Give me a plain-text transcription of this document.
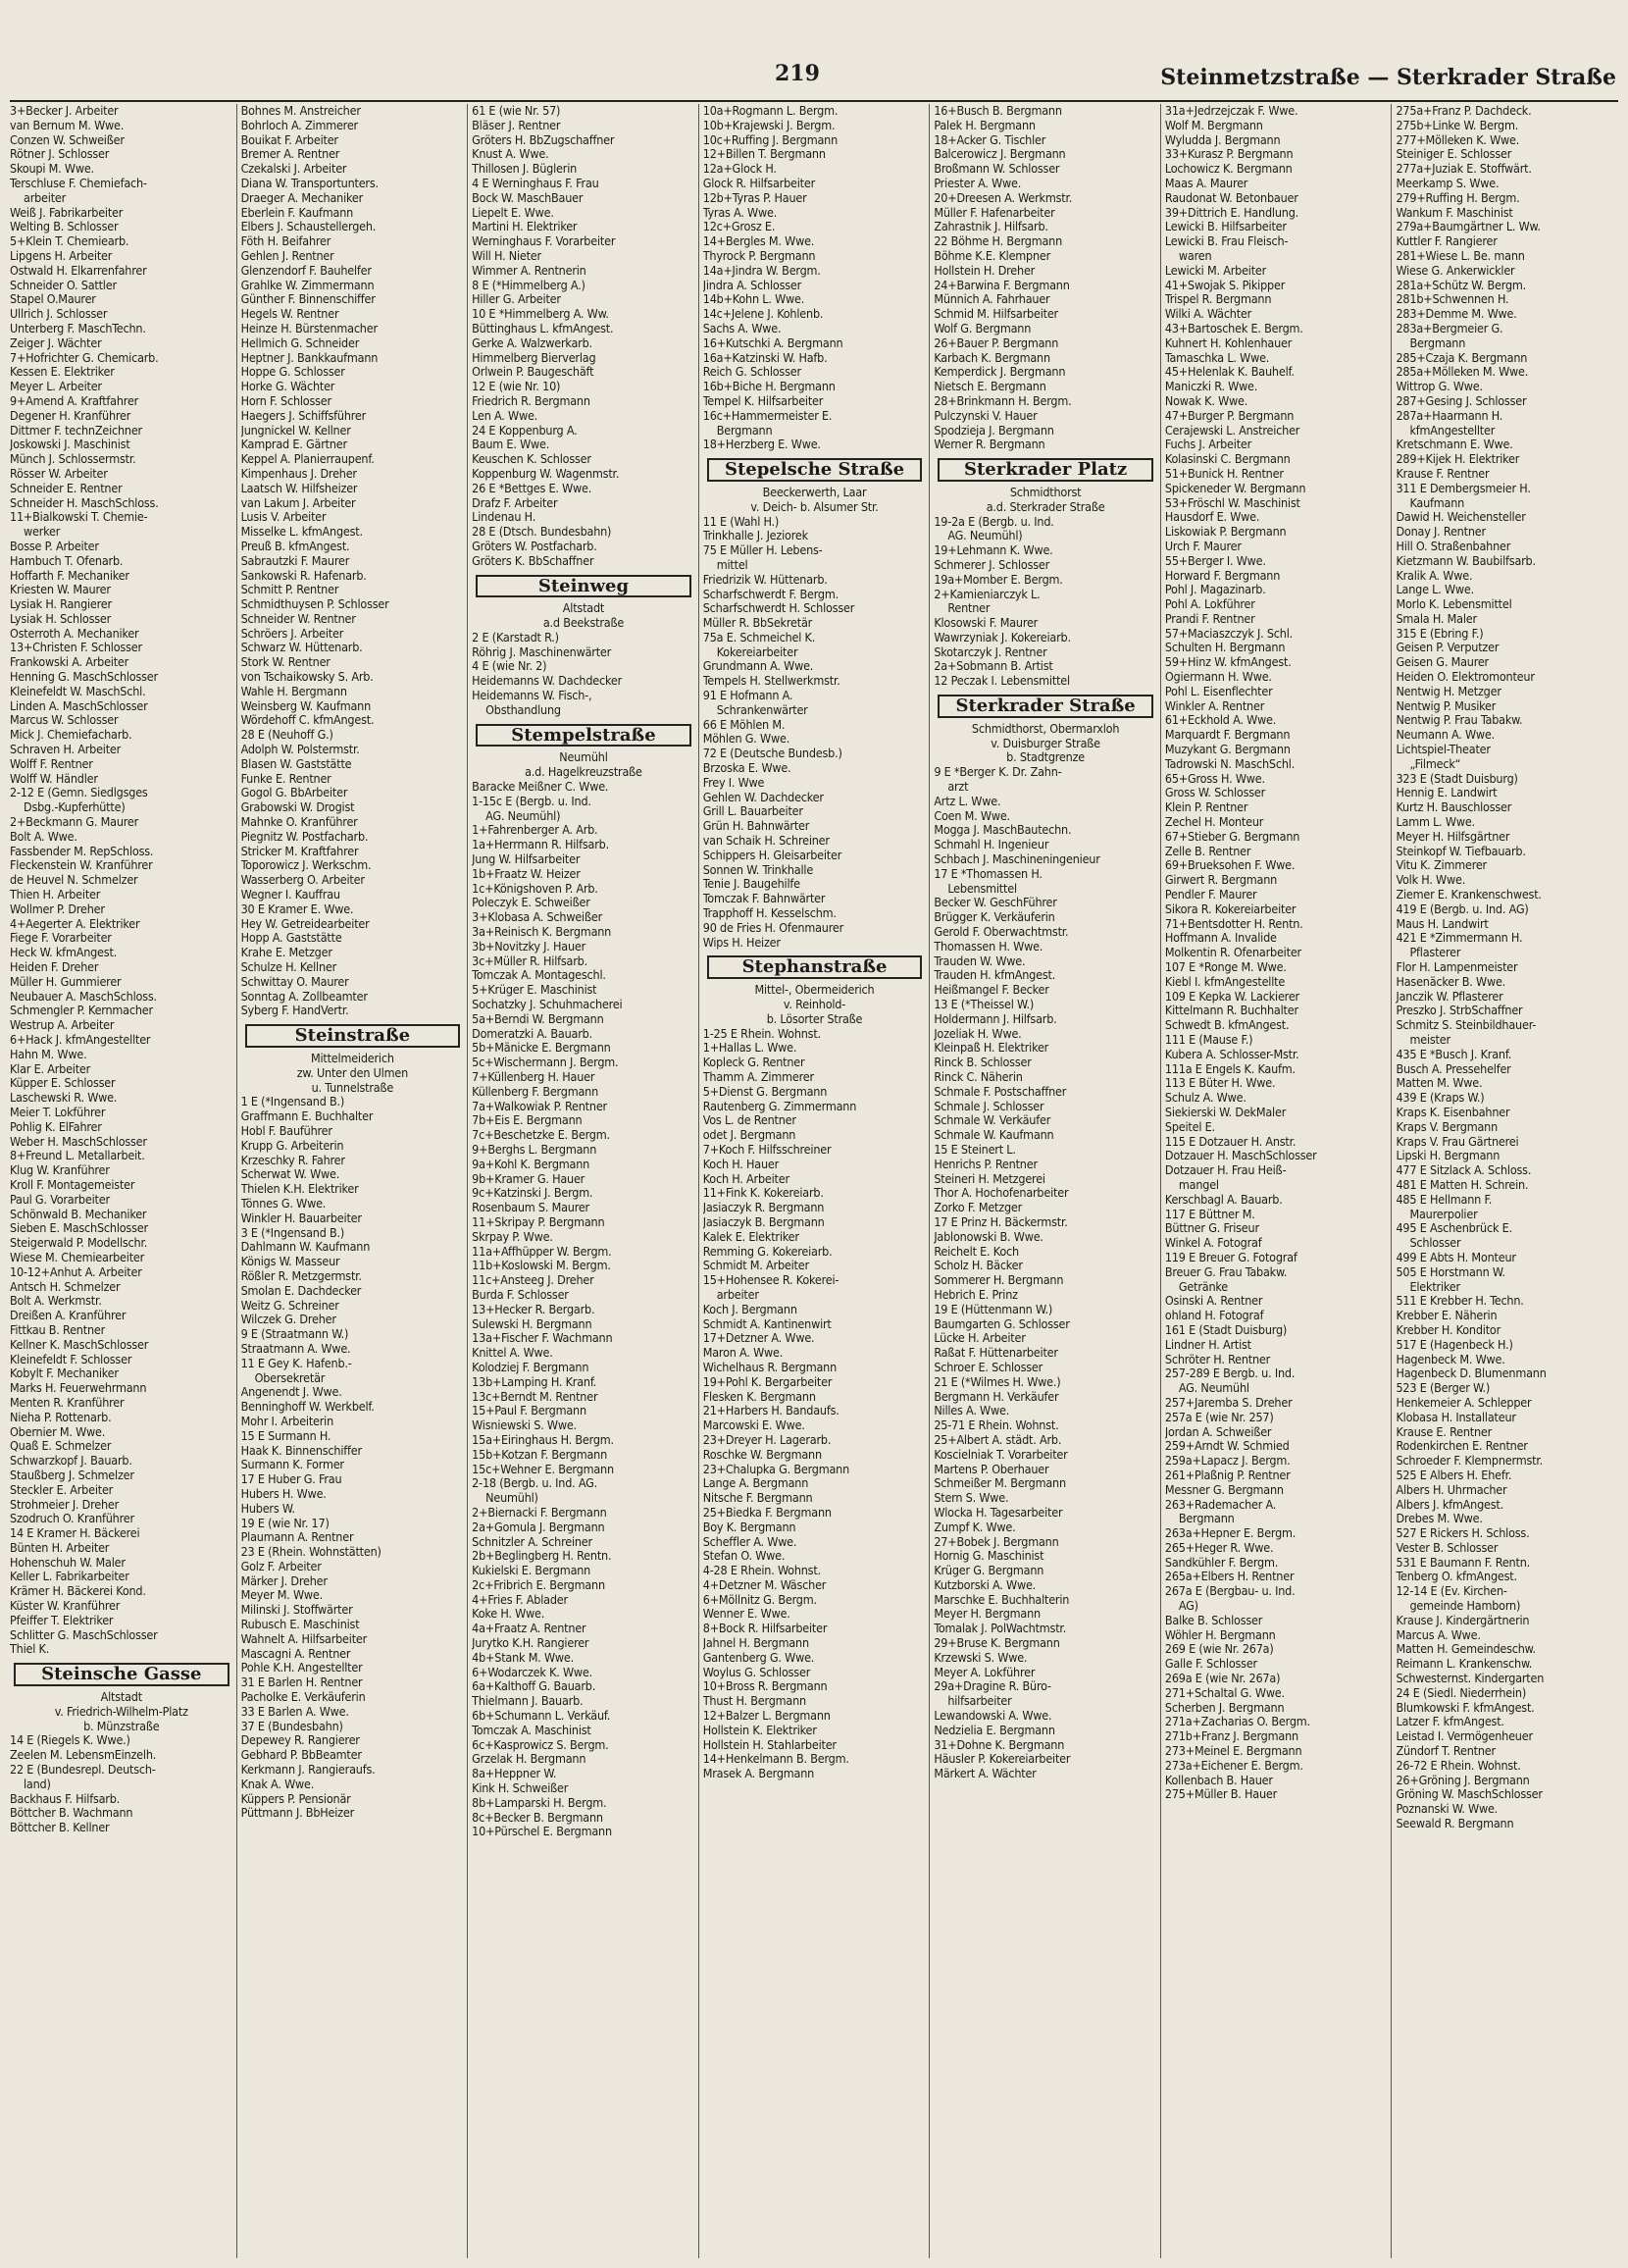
219	Steinmetzstraße — Sterkrader Straße
3+Becker J. Arbeiter
van Bernum M. Wwe.
Conzen W. Schweißer
Rötner J. Schlosser
Skoupi M. Wwe.
Terschluse F. Chemiefach-
arbeiter
Weiß J. Fabrikarbeiter
Welting B. Schlosser
5+Klein T. Chemiearb.
Lipgens H. Arbeiter
Ostwald H. Elkarrenfahrer
Schneider O. Sattler
Stapel O.Maurer
Ullrich J. Schlosser
Unterberg F. MaschTechn.
Zeiger J. Wächter
7+Hofrichter G. Chemicarb.
Kessen E. Elektriker
Meyer L. Arbeiter
9+Amend A. Kraftfahrer
Degener H. Kranführer
Dittmer F. technZeichner
Joskowski J. Maschinist
Münch J. Schlossermstr.
Rösser W. Arbeiter
Schneider E. Rentner
Schneider H. MaschSchloss.
11+Bialkowski T. Chemie-
werker
Bosse P. Arbeiter
Hambuch T. Ofenarb.
Hoffarth F. Mechaniker
Kriesten W. Maurer
Lysiak H. Rangierer
Lysiak H. Schlosser
Osterroth A. Mechaniker
13+Christen F. Schlosser
Frankowski A. Arbeiter
Henning G. MaschSchlosser
Kleinefeldt W. MaschSchl.
Linden A. MaschSchlosser
Marcus W. Schlosser
Mick J. Chemiefacharb.
Schraven H. Arbeiter
Wolff F. Rentner
Wolff W. Händler
2-12 E (Gemn. Siedlgsges
Dsbg.-Kupferhütte)
2+Beckmann G. Maurer
Bolt A. Wwe.
Fassbender M. RepSchloss.
Fleckenstein W. Kranführer
de Heuvel N. Schmelzer
Thien H. Arbeiter
Wollmer P. Dreher
4+Aegerter A. Elektriker
Fiege F. Vorarbeiter
Heck W. kfmAngest.
Heiden F. Dreher
Müller H. Gummierer
Neubauer A. MaschSchloss.
Schmengler P. Kernmacher
Westrup A. Arbeiter
6+Hack J. kfmAngestellter
Hahn M. Wwe.
Klar E. Arbeiter
Küpper E. Schlosser
Laschewski R. Wwe.
Meier T. Lokführer
Pohlig K. ElFahrer
Weber H. MaschSchlosser
8+Freund L. Metallarbeit.
Klug W. Kranführer
Kroll F. Montagemeister
Paul G. Vorarbeiter
Schönwald B. Mechaniker
Sieben E. MaschSchlosser
Steigerwald P. Modellschr.
Wiese M. Chemiearbeiter
10-12+Anhut A. Arbeiter
Antsch H. Schmelzer
Bolt A. Werkmstr.
Dreißen A. Kranführer
Fittkau B. Rentner
Kellner K. MaschSchlosser
Kleinefeldt F. Schlosser
Kobylt F. Mechaniker
Marks H. Feuerwehrmann
Menten R. Kranführer
Nieha P. Rottenarb.
Obernier M. Wwe.
Quaß E. Schmelzer
Schwarzkopf J. Bauarb.
Staußberg J. Schmelzer
Steckler E. Arbeiter
Strohmeier J. Dreher
Szodruch O. Kranführer
14 E Kramer H. Bäckerei
Bünten H. Arbeiter
Hohenschuh W. Maler
Keller L. Fabrikarbeiter
Krämer H. Bäckerei Kond.
Küster W. Kranführer
Pfeiffer T. Elektriker
Schlitter G. MaschSchlosser
Thiel K.
Steinsche Gasse
Altstadt
v. Friedrich-Wilhelm-Platz
b. Münzstraße
14 E (Riegels K. Wwe.)
Zeelen M. LebensmEinzelh.
22 E (Bundesrepl. Deutsch-
land)
Backhaus F. Hilfsarb.
Böttcher B. Wachmann
Böttcher B. Kellner
Bohnes M. Anstreicher
Bohrloch A. Zimmerer
Bouikat F. Arbeiter
Bremer A. Rentner
Czekalski J. Arbeiter
Diana W. Transportunters.
Draeger A. Mechaniker
Eberlein F. Kaufmann
Elbers J. Schaustellergeh.
Föth H. Beifahrer
Gehlen J. Rentner
Glenzendorf F. Bauhelfer
Grahlke W. Zimmermann
Günther F. Binnenschiffer
Hegels W. Rentner
Heinze H. Bürstenmacher
Hellmich G. Schneider
Heptner J. Bankkaufmann
Hoppe G. Schlosser
Horke G. Wächter
Horn F. Schlosser
Haegers J. Schiffsführer
Jungnickel W. Kellner
Kamprad E. Gärtner
Keppel A. Planierraupenf.
Kimpenhaus J. Dreher
Laatsch W. Hilfsheizer
van Lakum J. Arbeiter
Lusis V. Arbeiter
Misselke L. kfmAngest.
Preuß B. kfmAngest.
Sabrautzki F. Maurer
Sankowski R. Hafenarb.
Schmitt P. Rentner
Schmidthuysen P. Schlosser
Schneider W. Rentner
Schröers J. Arbeiter
Schwarz W. Hüttenarb.
Stork W. Rentner
von Tschaikowsky S. Arb.
Wahle H. Bergmann
Weinsberg W. Kaufmann
Wördehoff C. kfmAngest.
28 E (Neuhoff G.)
Adolph W. Polstermstr.
Blasen W. Gaststätte
Funke E. Rentner
Gogol G. BbArbeiter
Grabowski W. Drogist
Mahnke O. Kranführer
Piegnitz W. Postfacharb.
Stricker M. Kraftfahrer
Toporowicz J. Werkschm.
Wasserberg O. Arbeiter
Wegner I. Kauffrau
30 E Kramer E. Wwe.
Hey W. Getreidearbeiter
Hopp A. Gaststätte
Krahe E. Metzger
Schulze H. Kellner
Schwittay O. Maurer
Sonntag A. Zollbeamter
Syberg F. HandVertr.
Steinstraße
Mittelmeiderich
zw. Unter den Ulmen
u. Tunnelstraße
1 E (*Ingensand B.)
Graffmann E. Buchhalter
Hobl F. Bauführer
Krupp G. Arbeiterin
Krzeschky R. Fahrer
Scherwat W. Wwe.
Thielen K.H. Elektriker
Tönnes G. Wwe.
Winkler H. Bauarbeiter
3 E (*Ingensand B.)
Dahlmann W. Kaufmann
Königs W. Masseur
Rößler R. Metzgermstr.
Smolan E. Dachdecker
Weitz G. Schreiner
Wilczek G. Dreher
9 E (Straatmann W.)
Straatmann A. Wwe.
11 E Gey K. Hafenb.-
Obersekretär
Angenendt J. Wwe.
Benninghoff W. Werkbelf.
Mohr I. Arbeiterin
15 E Surmann H.
Haak K. Binnenschiffer
Surmann K. Former
17 E Huber G. Frau
Hubers H. Wwe.
Hubers W.
19 E (wie Nr. 17)
Plaumann A. Rentner
23 E (Rhein. Wohnstätten)
Golz F. Arbeiter
Märker J. Dreher
Meyer M. Wwe.
Milinski J. Stoffwärter
Rubusch E. Maschinist
Wahnelt A. Hilfsarbeiter
Mascagni A. Rentner
Pohle K.H. Angestellter
31 E Barlen H. Rentner
Pacholke E. Verkäuferin
33 E Barlen A. Wwe.
37 E (Bundesbahn)
Depewey R. Rangierer
Gebhard P. BbBeamter
Kerkmann J. Rangieraufs.
Knak A. Wwe.
Küppers P. Pensionär
Püttmann J. BbHeizer
61 E (wie Nr. 57)
Bläser J. Rentner
Gröters H. BbZugschaffner
Knust A. Wwe.
Thillosen J. Büglerin
4 E Werninghaus F. Frau
Bock W. MaschBauer
Liepelt E. Wwe.
Martini H. Elektriker
Werninghaus F. Vorarbeiter
Will H. Nieter
Wimmer A. Rentnerin
8 E (*Himmelberg A.)
Hiller G. Arbeiter
10 E *Himmelberg A. Ww.
Büttinghaus L. kfmAngest.
Gerke A. Walzwerkarb.
Himmelberg Bierverlag
Orlwein P. Baugeschäft
12 E (wie Nr. 10)
Friedrich R. Bergmann
Len A. Wwe.
24 E Koppenburg A.
Baum E. Wwe.
Keuschen K. Schlosser
Koppenburg W. Wagenmstr.
26 E *Bettges E. Wwe.
Drafz F. Arbeiter
Lindenau H.
28 E (Dtsch. Bundesbahn)
Gröters W. Postfacharb.
Gröters K. BbSchaffner
Steinweg
Altstadt
a.d Beekstraße
2 E (Karstadt R.)
Röhrig J. Maschinenwärter
4 E (wie Nr. 2)
Heidemanns W. Dachdecker
Heidemanns W. Fisch-,
Obsthandlung
Stempelstraße
Neumühl
a.d. Hagelkreuzstraße
Baracke Meißner C. Wwe.
1-15c E (Bergb. u. Ind.
AG. Neumühl)
1+Fahrenberger A. Arb.
1a+Herrmann R. Hilfsarb.
Jung W. Hilfsarbeiter
1b+Fraatz W. Heizer
1c+Königshoven P. Arb.
Poleczyk E. Schweißer
3+Klobasa A. Schweißer
3a+Reinisch K. Bergmann
3b+Novitzky J. Hauer
3c+Müller R. Hilfsarb.
Tomczak A. Montageschl.
5+Krüger E. Maschinist
Sochatzky J. Schuhmacherei
5a+Berndi W. Bergmann
Domeratzki A. Bauarb.
5b+Mänicke E. Bergmann
5c+Wischermann J. Bergm.
7+Küllenberg H. Hauer
Küllenberg F. Bergmann
7a+Walkowiak P. Rentner
7b+Eis E. Bergmann
7c+Beschetzke E. Bergm.
9+Berghs L. Bergmann
9a+Kohl K. Bergmann
9b+Kramer G. Hauer
9c+Katzinski J. Bergm.
Rosenbaum S. Maurer
11+Skripay P. Bergmann
Skrpay P. Wwe.
11a+Affhüpper W. Bergm.
11b+Koslowski M. Bergm.
11c+Ansteeg J. Dreher
Burda F. Schlosser
13+Hecker R. Bergarb.
Sulewski H. Bergmann
13a+Fischer F. Wachmann
Knittel A. Wwe.
Kolodziej F. Bergmann
13b+Lamping H. Kranf.
13c+Berndt M. Rentner
15+Paul F. Bergmann
Wisniewski S. Wwe.
15a+Eiringhaus H. Bergm.
15b+Kotzan F. Bergmann
15c+Wehner E. Bergmann
2-18 (Bergb. u. Ind. AG.
Neumühl)
2+Biernacki F. Bergmann
2a+Gomula J. Bergmann
Schnitzler A. Schreiner
2b+Beglingberg H. Rentn.
Kukielski E. Bergmann
2c+Fribrich E. Bergmann
4+Fries F. Ablader
Koke H. Wwe.
4a+Fraatz A. Rentner
Jurytko K.H. Rangierer
4b+Stank M. Wwe.
6+Wodarczek K. Wwe.
6a+Kalthoff G. Bauarb.
Thielmann J. Bauarb.
6b+Schumann L. Verkäuf.
Tomczak A. Maschinist
6c+Kasprowicz S. Bergm.
Grzelak H. Bergmann
8a+Heppner W.
Kink H. Schweißer
8b+Lamparski H. Bergm.
8c+Becker B. Bergmann
10+Pürschel E. Bergmann
10a+Rogmann L. Bergm.
10b+Krajewski J. Bergm.
10c+Ruffing J. Bergmann
12+Billen T. Bergmann
12a+Glock H.
Glock R. Hilfsarbeiter
12b+Tyras P. Hauer
Tyras A. Wwe.
12c+Grosz E.
14+Bergles M. Wwe.
Thyrock P. Bergmann
14a+Jindra W. Bergm.
Jindra A. Schlosser
14b+Kohn L. Wwe.
14c+Jelene J. Kohlenb.
Sachs A. Wwe.
16+Kutschki A. Bergmann
16a+Katzinski W. Hafb.
Reich G. Schlosser
16b+Biche H. Bergmann
Tempel K. Hilfsarbeiter
16c+Hammermeister E.
Bergmann
18+Herzberg E. Wwe.
Stepelsche Straße
Beeckerwerth, Laar
v. Deich- b. Alsumer Str.
11 E (Wahl H.)
Trinkhalle J. Jeziorek
75 E Müller H. Lebens-
mittel
Friedrizik W. Hüttenarb.
Scharfschwerdt F. Bergm.
Scharfschwerdt H. Schlosser
Müller R. BbSekretär
75a E. Schmeichel K.
Kokereiarbeiter
Grundmann A. Wwe.
Tempels H. Stellwerkmstr.
91 E Hofmann A.
Schrankenwärter
66 E Möhlen M.
Möhlen G. Wwe.
72 E (Deutsche Bundesb.)
Brzoska E. Wwe.
Frey I. Wwe
Gehlen W. Dachdecker
Grill L. Bauarbeiter
Grün H. Bahnwärter
van Schaik H. Schreiner
Schippers H. Gleisarbeiter
Sonnen W. Trinkhalle
Tenie J. Baugehilfe
Tomczak F. Bahnwärter
Trapphoff H. Kesselschm.
90 de Fries H. Ofenmaurer
Wips H. Heizer
Stephanstraße
Mittel-, Obermeiderich
v. Reinhold-
b. Lösorter Straße
1-25 E Rhein. Wohnst.
1+Hallas L. Wwe.
Kopleck G. Rentner
Thamm A. Zimmerer
5+Dienst G. Bergmann
Rautenberg G. Zimmermann
Vos L. de Rentner
odet J. Bergmann
7+Koch F. Hilfsschreiner
Koch H. Hauer
Koch H. Arbeiter
11+Fink K. Kokereiarb.
Jasiaczyk R. Bergmann
Jasiaczyk B. Bergmann
Kalek E. Elektriker
Remming G. Kokereiarb.
Schmidt M. Arbeiter
15+Hohensee R. Kokerei-
arbeiter
Koch J. Bergmann
Schmidt A. Kantinenwirt
17+Detzner A. Wwe.
Maron A. Wwe.
Wichelhaus R. Bergmann
19+Pohl K. Bergarbeiter
Flesken K. Bergmann
21+Harbers H. Bandaufs.
Marcowski E. Wwe.
23+Dreyer H. Lagerarb.
Roschke W. Bergmann
23+Chalupka G. Bergmann
Lange A. Bergmann
Nitsche F. Bergmann
25+Biedka F. Bergmann
Boy K. Bergmann
Scheffler A. Wwe.
Stefan O. Wwe.
4-28 E Rhein. Wohnst.
4+Detzner M. Wäscher
6+Möllnitz G. Bergm.
Wenner E. Wwe.
8+Bock R. Hilfsarbeiter
Jahnel H. Bergmann
Gantenberg G. Wwe.
Woylus G. Schlosser
10+Bross R. Bergmann
Thust H. Bergmann
12+Balzer L. Bergmann
Hollstein K. Elektriker
Hollstein H. Stahlarbeiter
14+Henkelmann B. Bergm.
Mrasek A. Bergmann
16+Busch B. Bergmann
Palek H. Bergmann
18+Acker G. Tischler
Balcerowicz J. Bergmann
Broßmann W. Schlosser
Priester A. Wwe.
20+Dreesen A. Werkmstr.
Müller F. Hafenarbeiter
Zahrastnik J. Hilfsarb.
22 Böhme H. Bergmann
Böhme K.E. Klempner
Hollstein H. Dreher
24+Barwina F. Bergmann
Münnich A. Fahrhauer
Schmid M. Hilfsarbeiter
Wolf G. Bergmann
26+Bauer P. Bergmann
Karbach K. Bergmann
Kemperdick J. Bergmann
Nietsch E. Bergmann
28+Brinkmann H. Bergm.
Pulczynski V. Hauer
Spodzieja J. Bergmann
Werner R. Bergmann
Sterkrader Platz
Schmidthorst
a.d. Sterkrader Straße
19-2a E (Bergb. u. Ind.
AG. Neumühl)
19+Lehmann K. Wwe.
Schmerer J. Schlosser
19a+Momber E. Bergm.
2+Kamieniarczyk L.
Rentner
Klosowski F. Maurer
Wawrzyniak J. Kokereiarb.
Skotarczyk J. Rentner
2a+Sobmann B. Artist
12 Peczak I. Lebensmittel
Sterkrader Straße
Schmidthorst, Obermarxloh
v. Duisburger Straße
b. Stadtgrenze
9 E *Berger K. Dr. Zahn-
arzt
Artz L. Wwe.
Coen M. Wwe.
Mogga J. MaschBautechn.
Schmahl H. Ingenieur
Schbach J. Maschineningenieur
17 E *Thomassen H.
Lebensmittel
Becker W. GeschFührer
Brügger K. Verkäuferin
Gerold F. Oberwachtmstr.
Thomassen H. Wwe.
Trauden W. Wwe.
Trauden H. kfmAngest.
Heißmangel F. Becker
13 E (*Theissel W.)
Holdermann J. Hilfsarb.
Jozeliak H. Wwe.
Kleinpaß H. Elektriker
Rinck B. Schlosser
Rinck C. Näherin
Schmale F. Postschaffner
Schmale J. Schlosser
Schmale W. Verkäufer
Schmale W. Kaufmann
15 E Steinert L.
Henrichs P. Rentner
Steineri H. Metzgerei
Thor A. Hochofenarbeiter
Zorko F. Metzger
17 E Prinz H. Bäckermstr.
Jablonowski B. Wwe.
Reichelt E. Koch
Scholz H. Bäcker
Sommerer H. Bergmann
Hebrich E. Prinz
19 E (Hüttenmann W.)
Baumgarten G. Schlosser
Lücke H. Arbeiter
Raßat F. Hüttenarbeiter
Schroer E. Schlosser
21 E (*Wilmes H. Wwe.)
Bergmann H. Verkäufer
Nilles A. Wwe.
25-71 E Rhein. Wohnst.
25+Albert A. städt. Arb.
Koscielniak T. Vorarbeiter
Martens P. Oberhauer
Schmeißer M. Bergmann
Stern S. Wwe.
Wlocka H. Tagesarbeiter
Zumpf K. Wwe.
27+Bobek J. Bergmann
Hornig G. Maschinist
Krüger G. Bergmann
Kutzborski A. Wwe.
Marschke E. Buchhalterin
Meyer H. Bergmann
Tomalak J. PolWachtmstr.
29+Bruse K. Bergmann
Krzewski S. Wwe.
Meyer A. Lokführer
29a+Dragine R. Büro-
hilfsarbeiter
Lewandowski A. Wwe.
Nedzielia E. Bergmann
31+Dohne K. Bergmann
Häusler P. Kokereiarbeiter
Märkert A. Wächter
31a+Jedrzejczak F. Wwe.
Wolf M. Bergmann
Wyludda J. Bergmann
33+Kurasz P. Bergmann
Lochowicz K. Bergmann
Maas A. Maurer
Raudonat W. Betonbauer
39+Dittrich E. Handlung.
Lewicki B. Hilfsarbeiter
Lewicki B. Frau Fleisch-
waren
Lewicki M. Arbeiter
41+Swojak S. Pikipper
Trispel R. Bergmann
Wilki A. Wächter
43+Bartoschek E. Bergm.
Kuhnert H. Kohlenhauer
Tamaschka L. Wwe.
45+Helenlak K. Bauhelf.
Maniczki R. Wwe.
Nowak K. Wwe.
47+Burger P. Bergmann
Cerajewski L. Anstreicher
Fuchs J. Arbeiter
Kolasinski C. Bergmann
51+Bunick H. Rentner
Spickeneder W. Bergmann
53+Fröschl W. Maschinist
Hausdorf E. Wwe.
Liskowiak P. Bergmann
Urch F. Maurer
55+Berger I. Wwe.
Horward F. Bergmann
Pohl J. Magazinarb.
Pohl A. Lokführer
Prandi F. Rentner
57+Maciaszczyk J. Schl.
Schulten H. Bergmann
59+Hinz W. kfmAngest.
Ogiermann H. Wwe.
Pohl L. Eisenflechter
Winkler A. Rentner
61+Eckhold A. Wwe.
Marquardt F. Bergmann
Muzykant G. Bergmann
Tadrowski N. MaschSchl.
65+Gross H. Wwe.
Gross W. Schlosser
Klein P. Rentner
Zechel H. Monteur
67+Stieber G. Bergmann
Zelle B. Rentner
69+Brueksohen F. Wwe.
Girwert R. Bergmann
Pendler F. Maurer
Sikora R. Kokereiarbeiter
71+Bentsdotter H. Rentn.
Hoffmann A. Invalide
Molkentin R. Ofenarbeiter
107 E *Ronge M. Wwe.
Kiebl I. kfmAngestellte
109 E Kepka W. Lackierer
Kittelmann R. Buchhalter
Schwedt B. kfmAngest.
111 E (Mause F.)
Kubera A. Schlosser-Mstr.
111a E Engels K. Kaufm.
113 E Büter H. Wwe.
Schulz A. Wwe.
Siekierski W. DekMaler
Speitel E.
115 E Dotzauer H. Anstr.
Dotzauer H. MaschSchlosser
Dotzauer H. Frau Heiß-
mangel
Kerschbagl A. Bauarb.
117 E Büttner M.
Büttner G. Friseur
Winkel A. Fotograf
119 E Breuer G. Fotograf
Breuer G. Frau Tabakw.
Getränke
Osinski A. Rentner
ohland H. Fotograf
161 E (Stadt Duisburg)
Lindner H. Artist
Schröter H. Rentner
257-289 E Bergb. u. Ind.
AG. Neumühl
257+Jaremba S. Dreher
257a E (wie Nr. 257)
Jordan A. Schweißer
259+Arndt W. Schmied
259a+Lapacz J. Bergm.
261+Plaßnig P. Rentner
Messner G. Bergmann
263+Rademacher A.
Bergmann
263a+Hepner E. Bergm.
265+Heger R. Wwe.
Sandkühler F. Bergm.
265a+Elbers H. Rentner
267a E (Bergbau- u. Ind.
AG)
Balke B. Schlosser
Wöhler H. Bergmann
269 E (wie Nr. 267a)
Galle F. Schlosser
269a E (wie Nr. 267a)
271+Schaltal G. Wwe.
Scherben J. Bergmann
271a+Zacharias O. Bergm.
271b+Franz J. Bergmann
273+Meinel E. Bergmann
273a+Eichener E. Bergm.
Kollenbach B. Hauer
275+Müller B. Hauer
275a+Franz P. Dachdeck.
275b+Linke W. Bergm.
277+Mölleken K. Wwe.
Steiniger E. Schlosser
277a+Juziak E. Stoffwärt.
Meerkamp S. Wwe.
279+Ruffing H. Bergm.
Wankum F. Maschinist
279a+Baumgärtner L. Ww.
Kuttler F. Rangierer
281+Wiese L. Be. mann
Wiese G. Ankerwickler
281a+Schütz W. Bergm.
281b+Schwennen H.
283+Demme M. Wwe.
283a+Bergmeier G.
Bergmann
285+Czaja K. Bergmann
285a+Mölleken M. Wwe.
Wittrop G. Wwe.
287+Gesing J. Schlosser
287a+Haarmann H.
kfmAngestellter
Kretschmann E. Wwe.
289+Kijek H. Elektriker
Krause F. Rentner
311 E Dembergsmeier H.
Kaufmann
Dawid H. Weichensteller
Donay J. Rentner
Hill O. Straßenbahner
Kietzmann W. Baubilfsarb.
Kralik A. Wwe.
Lange L. Wwe.
Morlo K. Lebensmittel
Smala H. Maler
315 E (Ebring F.)
Geisen P. Verputzer
Geisen G. Maurer
Heiden O. Elektromonteur
Nentwig H. Metzger
Nentwig P. Musiker
Nentwig P. Frau Tabakw.
Neumann A. Wwe.
Lichtspiel-Theater
„Filmeck“
323 E (Stadt Duisburg)
Hennig E. Landwirt
Kurtz H. Bauschlosser
Lamm L. Wwe.
Meyer H. Hilfsgärtner
Steinkopf W. Tiefbauarb.
Vitu K. Zimmerer
Volk H. Wwe.
Ziemer E. Krankenschwest.
419 E (Bergb. u. Ind. AG)
Maus H. Landwirt
421 E *Zimmermann H.
Pflasterer
Flor H. Lampenmeister
Hasenäcker B. Wwe.
Janczik W. Pflasterer
Preszko J. StrbSchaffner
Schmitz S. Steinbildhauer-
meister
435 E *Busch J. Kranf.
Busch A. Pressehelfer
Matten M. Wwe.
439 E (Kraps W.)
Kraps K. Eisenbahner
Kraps V. Bergmann
Kraps V. Frau Gärtnerei
Lipski H. Bergmann
477 E Sitzlack A. Schloss.
481 E Matten H. Schrein.
485 E Hellmann F.
Maurerpolier
495 E Aschenbrück E.
Schlosser
499 E Abts H. Monteur
505 E Horstmann W.
Elektriker
511 E Krebber H. Techn.
Krebber E. Näherin
Krebber H. Konditor
517 E (Hagenbeck H.)
Hagenbeck M. Wwe.
Hagenbeck D. Blumenmann
523 E (Berger W.)
Henkemeier A. Schlepper
Klobasa H. Installateur
Krause E. Rentner
Rodenkirchen E. Rentner
Schroeder F. Klempnermstr.
525 E Albers H. Ehefr.
Albers H. Uhrmacher
Albers J. kfmAngest.
Drebes M. Wwe.
527 E Rickers H. Schloss.
Vester B. Schlosser
531 E Baumann F. Rentn.
Tenberg O. kfmAngest.
12-14 E (Ev. Kirchen-
gemeinde Hamborn)
Krause J. Kindergärtnerin
Marcus A. Wwe.
Matten H. Gemeindeschw.
Reimann L. Krankenschw.
Schwesternst. Kindergarten
24 E (Siedl. Niederrhein)
Blumkowski F. kfmAngest.
Latzer F. kfmAngest.
Leistad I. Vermögenheuer
Zündorf T. Rentner
26-72 E Rhein. Wohnst.
26+Gröning J. Bergmann
Gröning W. MaschSchlosser
Poznanski W. Wwe.
Seewald R. Bergmann
